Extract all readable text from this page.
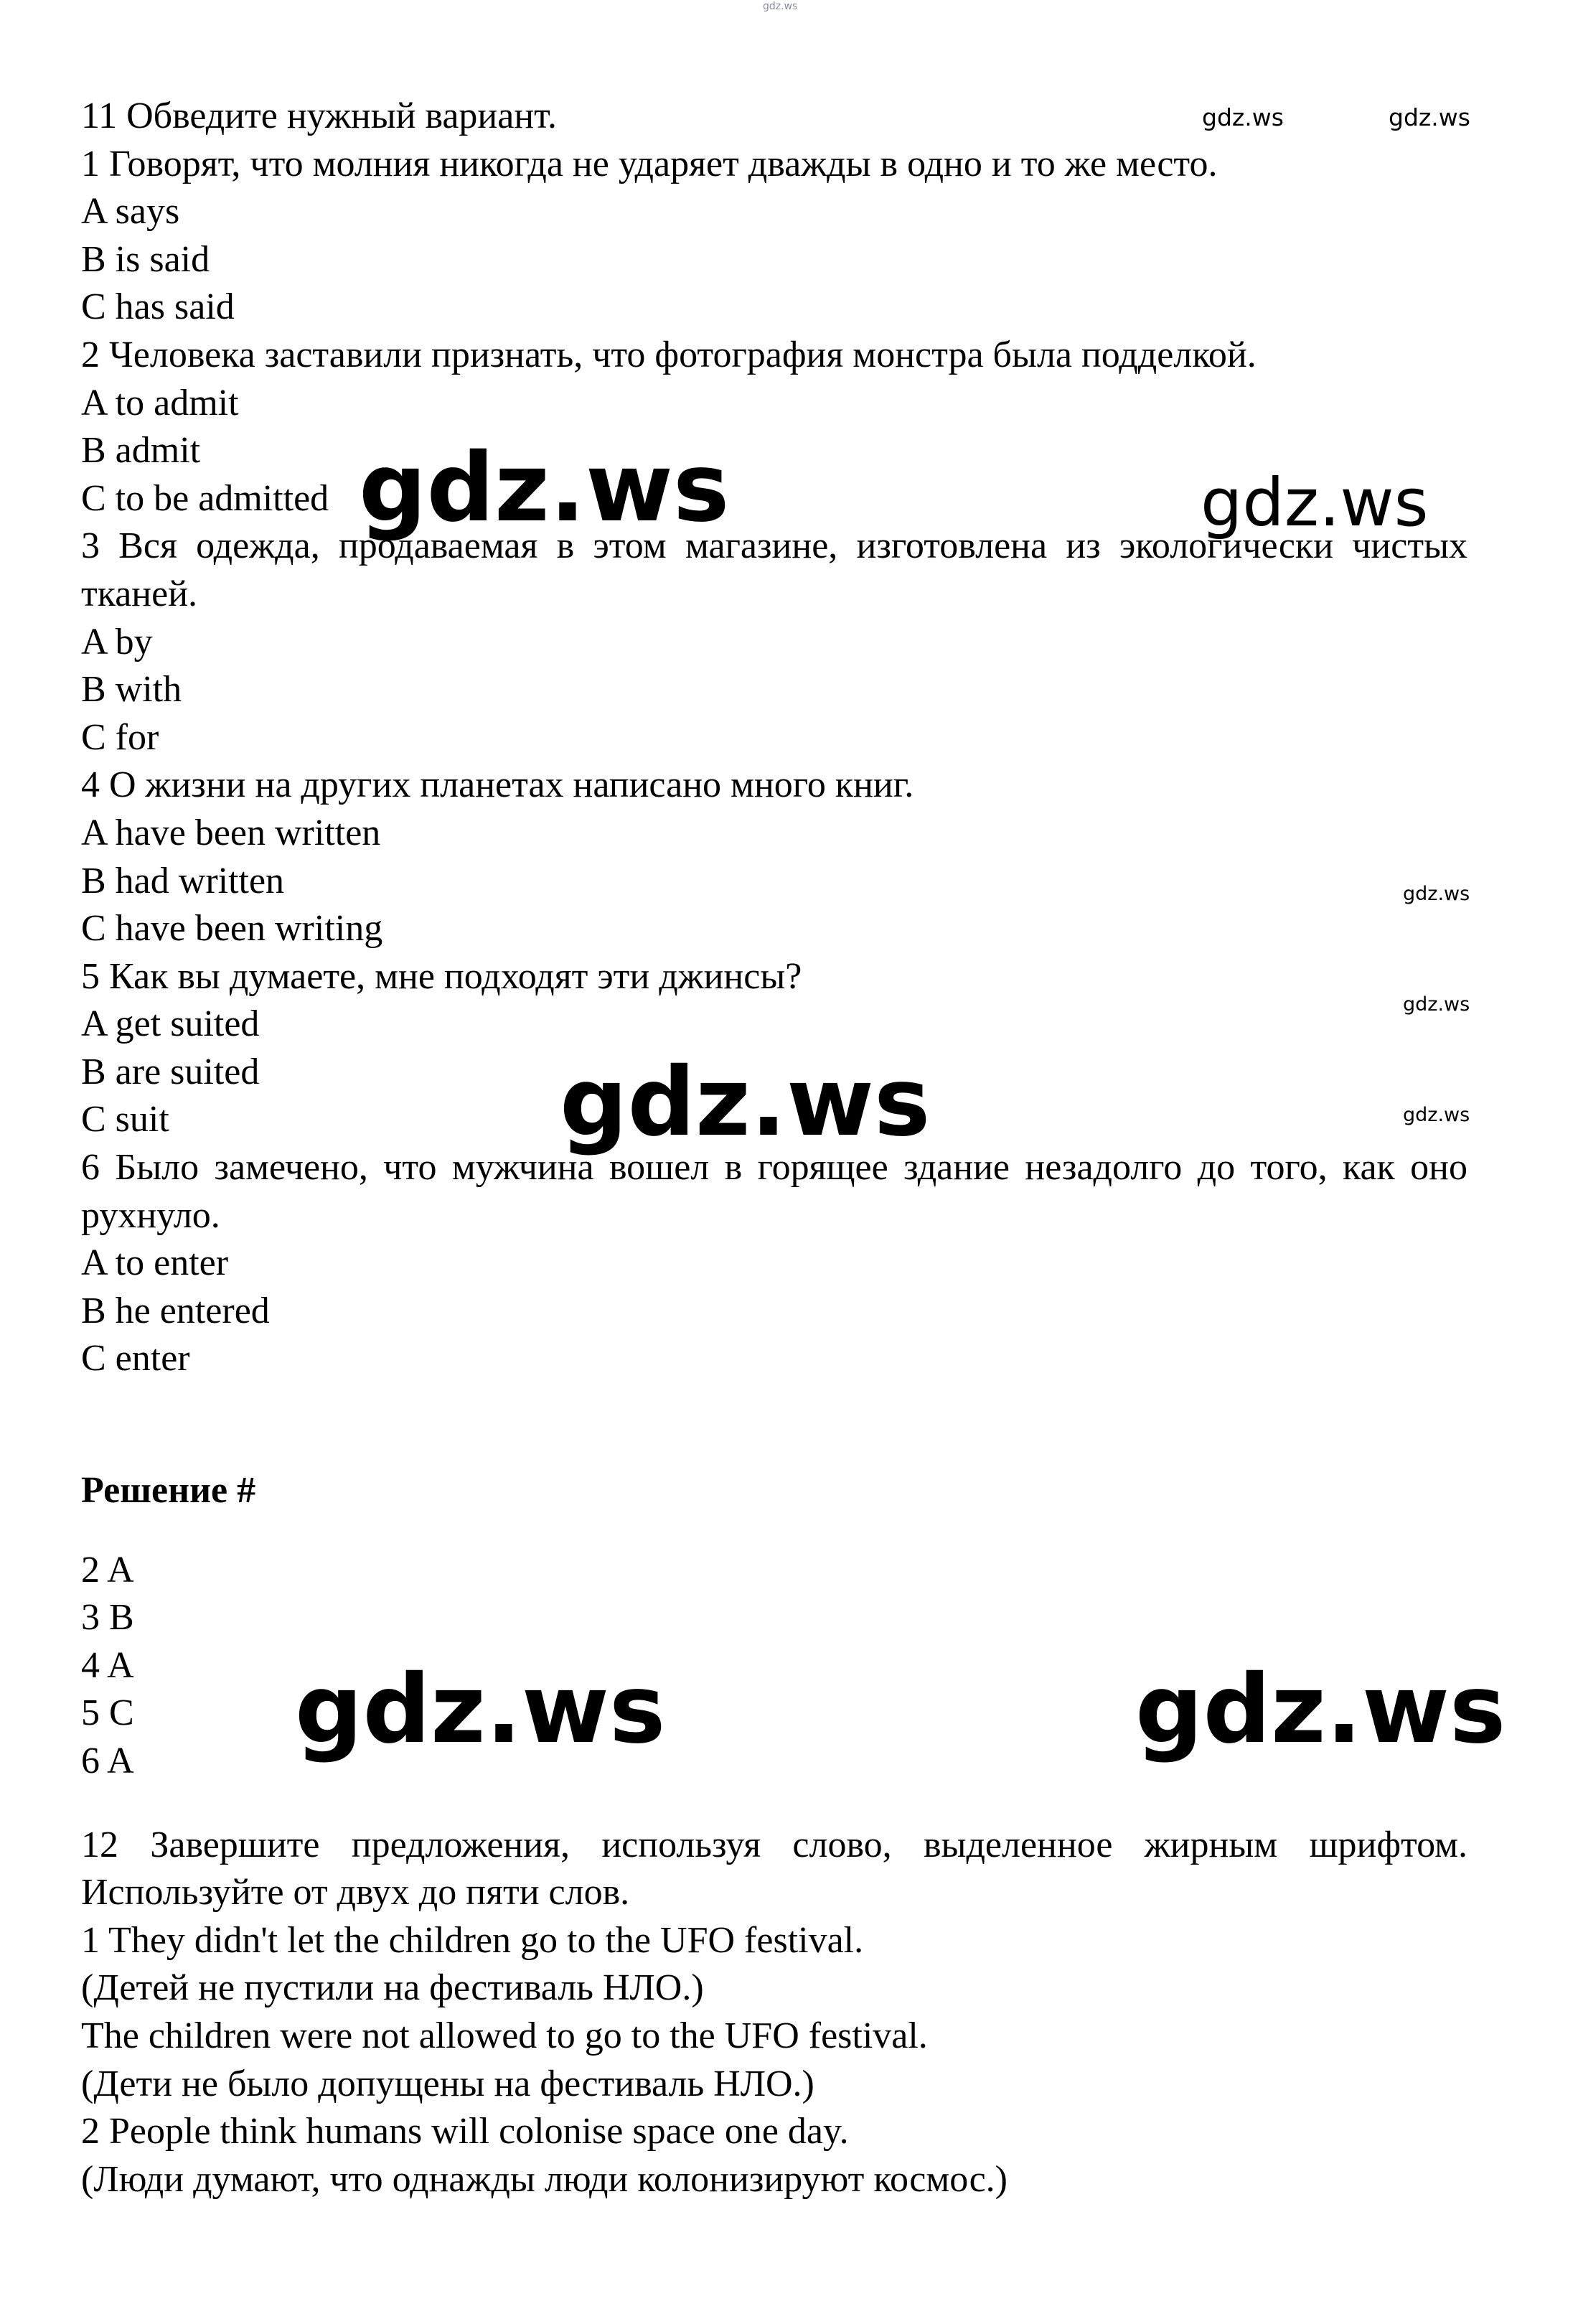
11 Обведите нужный вариант.

1 Говорят, что молния никогда не ударяет дважды в одно и то же место.

A says

B is said

C has said

2 Человека заставили признать, что фотография монстра была подделкой.

A to admit

B admit

C to be admitted

3 Вся одежда, продаваемая в этом магазине, изготовлена из экологически чистых тканей.

A by

B with

C for

4 О жизни на других планетах написано много книг.

A have been written

B had written

C have been writing

5 Как вы думаете, мне подходят эти джинсы?

A get suited

B are suited

C suit

6 Было замечено, что мужчина вошел в горящее здание незадолго до того, как оно рухнуло.

A to enter

B he entered

C enter

Решение #

2 A

3 B

4 A

5 C

6 A

12 Завершите предложения, используя слово, выделенное жирным шрифтом. Используйте от двух до пяти слов.

1 They didn't let the children go to the UFO festival.

(Детей не пустили на фестиваль НЛО.)

The children were not allowed to go to the UFO festival.

(Дети не было допущены на фестиваль НЛО.)

2 People think humans will colonise space one day.

(Люди думают, что однажды люди колонизируют космос.)

gdz.ws
gdz.ws	gdz.ws
gdz.ws	gdz.ws
gdz.ws
gdz.ws
gdz.ws
gdz.ws
gdz.ws	gdz.ws
